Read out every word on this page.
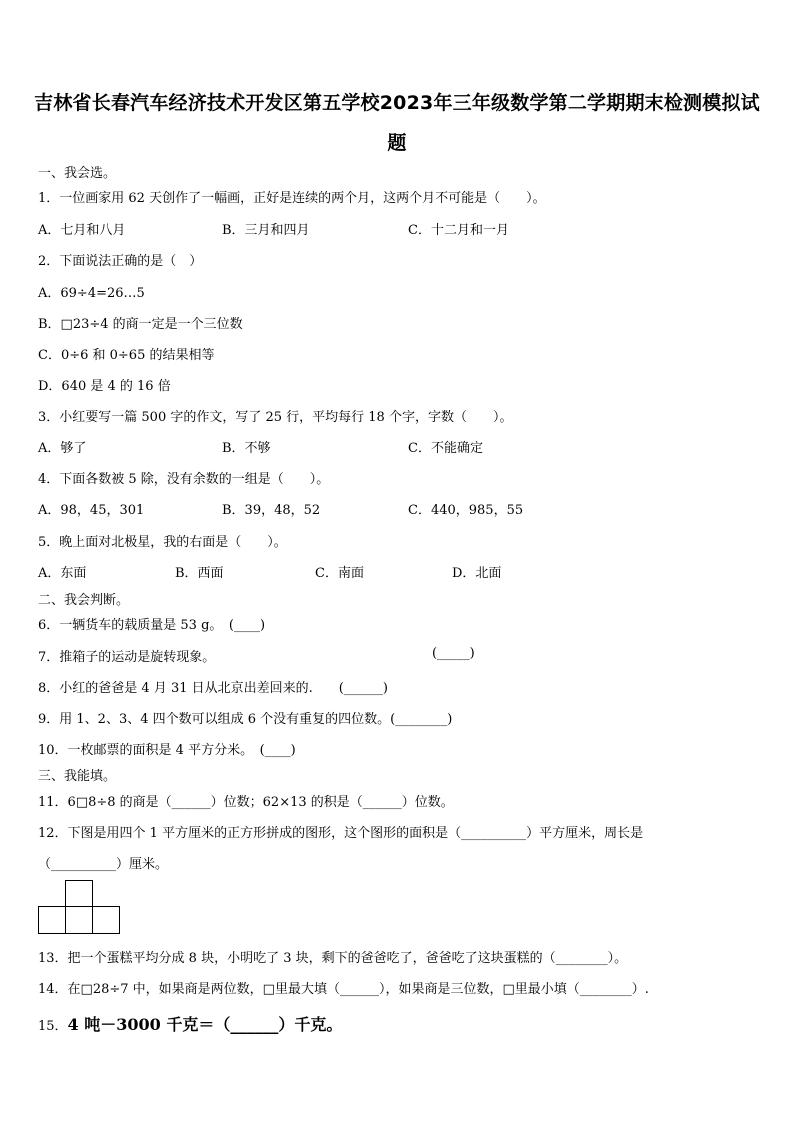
吉林省长春汽车经济技术开发区第五学校2023年三年级数学第二学期期末检测模拟试
题
一、我会选。
1．一位画家用 62 天创作了一幅画，正好是连续的两个月，这两个月不可能是（　　）。
A．七月和八月	B．三月和四月	C．十二月和一月
2．下面说法正确的是（　）
A．69÷4=26…5
B．□23÷4 的商一定是一个三位数
C．0÷6 和 0÷65 的结果相等
D．640 是 4 的 16 倍
3．小红要写一篇 500 字的作文，写了 25 行，平均每行 18 个字，字数（　　）。
A．够了	B．不够	C．不能确定
4．下面各数被 5 除，没有余数的一组是（　　）。
A．98，45，301	B．39，48，52	C．440，985，55
5．晚上面对北极星，我的右面是（　　）。
A．东面	B．西面	C．南面	D．北面
二、我会判断。
6．一辆货车的载质量是 53 g。　(____)
7．推箱子的运动是旋转现象。	(_____)
8．小红的爸爸是 4 月 31 日从北京出差回来的.　　(______)
9．用 1、2、3、4 四个数可以组成 6 个没有重复的四位数。(________)
10．一枚邮票的面积是 4 平方分米。　(____)
三、我能填。
11．6□8÷8 的商是（______）位数；62×13 的积是（______）位数。
12．下图是用四个 1 平方厘米的正方形拼成的图形，这个图形的面积是（__________）平方厘米，周长是
（__________）厘米。
13．把一个蛋糕平均分成 8 块，小明吃了 3 块，剩下的爸爸吃了，爸爸吃了这块蛋糕的（________）。
14．在□28÷7 中，如果商是两位数，□里最大填（______），如果商是三位数，□里最小填（________）.
15．4 吨－3000 千克＝（______）千克。
